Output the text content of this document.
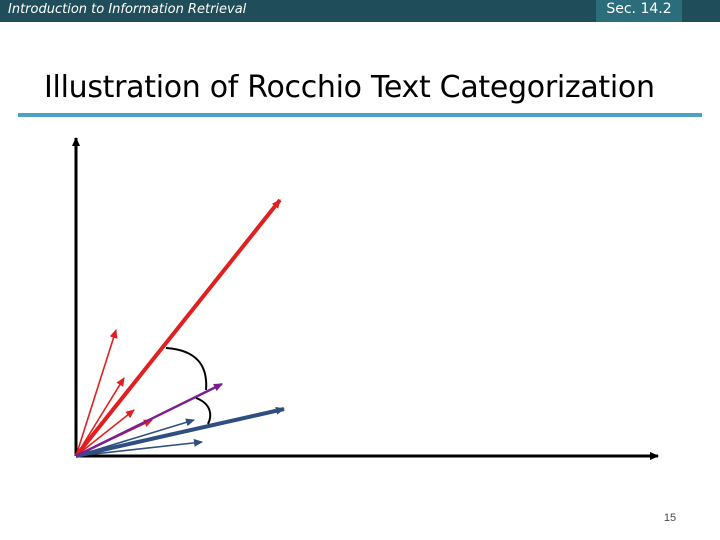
Introduction to Information Retrieval	Sec. 14.2
Illustration of Rocchio Text Categorization
15
